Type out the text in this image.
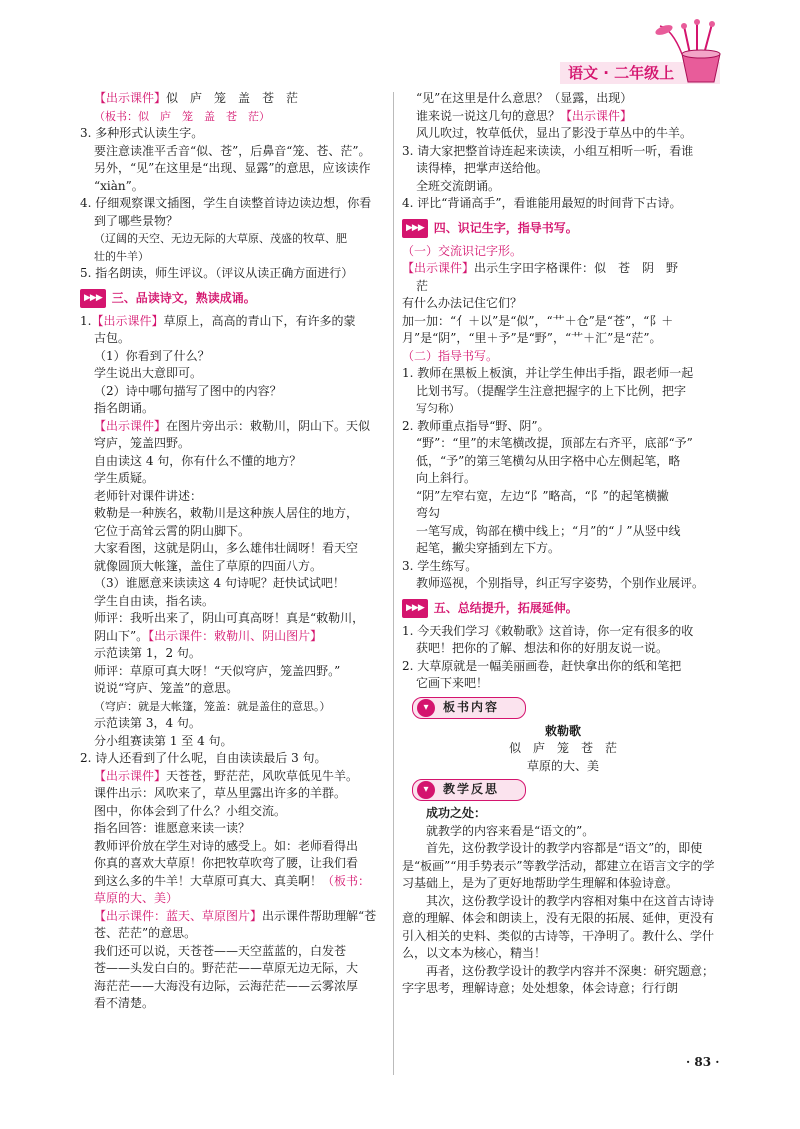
语文 · 二年级上

【出示课件】似　庐　笼　盖　苍　茫

（板书：似　庐　笼　盖　苍　茫）

3. 多种形式认读生字。

要注意读准平舌音“似、苍”，后鼻音“笼、苍、茫”。

另外，“见”在这里是“出现、显露”的意思，应该读作

“xiàn”。

4. 仔细观察课文插图，学生自读整首诗边读边想，你看

到了哪些景物？

（辽阔的天空、无边无际的大草原、茂盛的牧草、肥

壮的牛羊）

5. 指名朗读，师生评议。（评议从读正确方面进行）

▶▶▶ 三、品读诗文，熟读成诵。

1.【出示课件】草原上，高高的青山下，有许多的蒙

古包。

（1）你看到了什么？

学生说出大意即可。

（2）诗中哪句描写了图中的内容？

指名朗诵。

【出示课件】在图片旁出示：敕勒川，阴山下。天似

穹庐，笼盖四野。

自由读这 4 句，你有什么不懂的地方？

学生质疑。

老师针对课件讲述：

敕勒是一种族名，敕勒川是这种族人居住的地方，

它位于高耸云霄的阴山脚下。

大家看图，这就是阴山，多么雄伟壮阔呀！看天空

就像圆顶大帐篷，盖住了草原的四面八方。

（3）谁愿意来读读这 4 句诗呢？赶快试试吧！

学生自由读，指名读。

师评：我听出来了，阴山可真高呀！真是“敕勒川，

阴山下”。【出示课件：敕勒川、阴山图片】

示范读第 1，2 句。

师评：草原可真大呀！“天似穹庐，笼盖四野。”

说说“穹庐、笼盖”的意思。

（穹庐：就是大帐篷，笼盖：就是盖住的意思。）

示范读第 3，4 句。

分小组赛读第 1 至 4 句。

2. 诗人还看到了什么呢，自由读读最后 3 句。

【出示课件】天苍苍，野茫茫，风吹草低见牛羊。

课件出示：风吹来了，草丛里露出许多的羊群。

图中，你体会到了什么？小组交流。

指名回答：谁愿意来读一读？

教师评价放在学生对诗的感受上。如：老师看得出

你真的喜欢大草原！你把牧草吹弯了腰，让我们看

到这么多的牛羊！大草原可真大、真美啊！（板书：

草原的大、美）

【出示课件：蓝天、草原图片】出示课件帮助理解“苍

苍、茫茫”的意思。

我们还可以说，天苍苍——天空蓝蓝的，白发苍

苍——头发白白的。野茫茫——草原无边无际，大

海茫茫——大海没有边际，云海茫茫——云雾浓厚

看不清楚。

“见”在这里是什么意思？（显露，出现）

谁来说一说这几句的意思？【出示课件】

风儿吹过，牧草低伏，显出了影没于草丛中的牛羊。

3. 请大家把整首诗连起来读读，小组互相听一听，看谁

读得棒，把掌声送给他。

全班交流朗诵。

4. 评比“背诵高手”，看谁能用最短的时间背下古诗。

▶▶▶ 四、识记生字，指导书写。

（一）交流识记字形。

【出示课件】出示生字田字格课件：似　苍　阴　野

茫

有什么办法记住它们？

加一加：“亻＋以”是“似”，“艹＋仓”是“苍”，“阝＋

月”是“阴”，“里＋予”是“野”，“艹＋汇”是“茫”。

（二）指导书写。

1. 教师在黑板上板演，并让学生伸出手指，跟老师一起

比划书写。（提醒学生注意把握字的上下比例，把字

写匀称）

2. 教师重点指导“野、阴”。

“野”：“里”的末笔横改提，顶部左右齐平，底部“予”

低，“予”的第三笔横勾从田字格中心左侧起笔，略

向上斜行。

“阴”左窄右宽，左边“阝”略高，“阝”的起笔横撇

弯勾

一笔写成，钩部在横中线上；“月”的“丿”从竖中线

起笔，撇尖穿插到左下方。

3. 学生练写。

教师巡视，个别指导，纠正写字姿势，个别作业展评。

▶▶▶ 五、总结提升，拓展延伸。

1. 今天我们学习《敕勒歌》这首诗，你一定有很多的收

获吧！把你的了解、想法和你的好朋友说一说。

2. 大草原就是一幅美丽画卷，赶快拿出你的纸和笔把

它画下来吧！

▾	板书内容

敕勒歌

似　庐　笼　苍　茫

草原的大、美

▾	教学反思

成功之处：

就教学的内容来看是“语文的”。

首先，这份教学设计的教学内容都是“语文”的，即使是“板画”“用手势表示”等教学活动，都建立在语言文字的学习基础上，是为了更好地帮助学生理解和体验诗意。

其次，这份教学设计的教学内容相对集中在这首古诗诗意的理解、体会和朗读上，没有无限的拓展、延伸，更没有引入相关的史料、类似的古诗等，干净明了。教什么、学什么，以文本为核心，精当！

再者，这份教学设计的教学内容并不深奥：研究题意；字字思考，理解诗意；处处想象，体会诗意；行行朗

· 83 ·
